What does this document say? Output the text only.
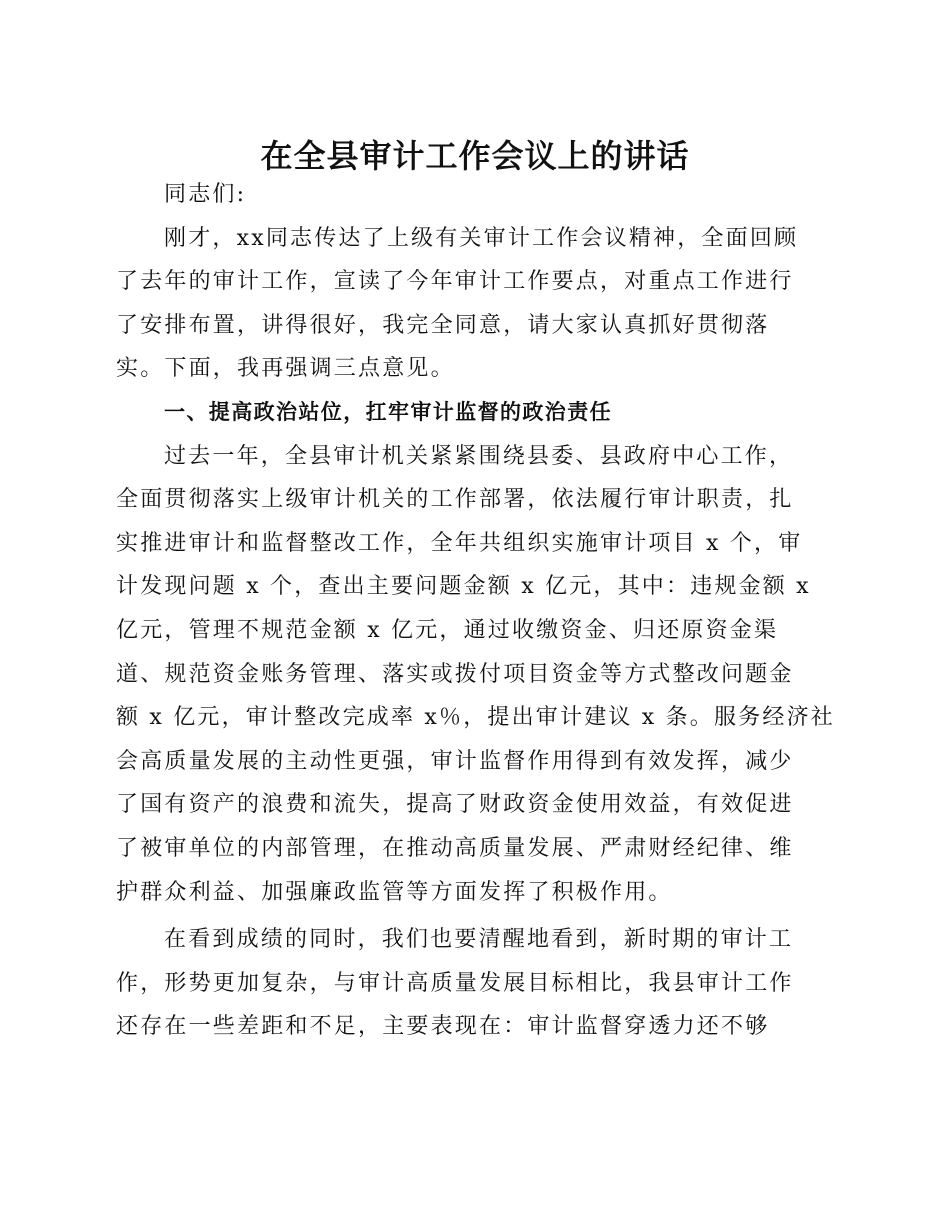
在全县审计工作会议上的讲话

同志们:

刚才，xx同志传达了上级有关审计工作会议精神，全面回顾

了去年的审计工作，宣读了今年审计工作要点，对重点工作进行

了安排布置，讲得很好，我完全同意，请大家认真抓好贯彻落

实。下面，我再强调三点意见。

一、提高政治站位，扛牢审计监督的政治责任

过去一年，全县审计机关紧紧围绕县委、县政府中心工作，

全面贯彻落实上级审计机关的工作部署，依法履行审计职责，扎

实推进审计和监督整改工作，全年共组织实施审计项目 x 个，审

计发现问题 x 个，查出主要问题金额 x 亿元，其中：违规金额 x

亿元，管理不规范金额 x 亿元，通过收缴资金、归还原资金渠

道、规范资金账务管理、落实或拨付项目资金等方式整改问题金

额 x 亿元，审计整改完成率 x％，提出审计建议 x 条。服务经济社

会高质量发展的主动性更强，审计监督作用得到有效发挥，减少

了国有资产的浪费和流失，提高了财政资金使用效益，有效促进

了被审单位的内部管理，在推动高质量发展、严肃财经纪律、维

护群众利益、加强廉政监管等方面发挥了积极作用。

在看到成绩的同时，我们也要清醒地看到，新时期的审计工

作，形势更加复杂，与审计高质量发展目标相比，我县审计工作

还存在一些差距和不足，主要表现在：审计监督穿透力还不够
